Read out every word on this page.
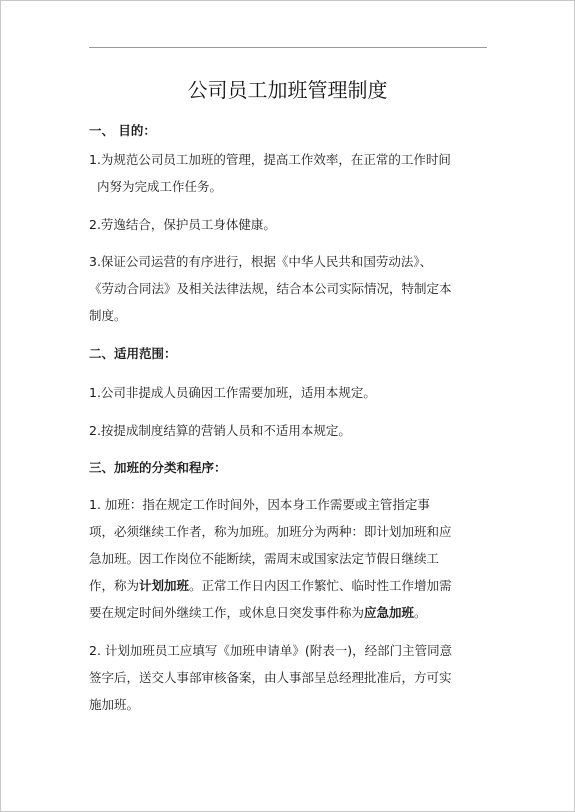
公司员工加班管理制度
一、 目的：
1.为规范公司员工加班的管理，提高工作效率，在正常的工作时间
内努为完成工作任务。
2.劳逸结合，保护员工身体健康。
3.保证公司运营的有序进行，根据《中华人民共和国劳动法》、
《劳动合同法》及相关法律法规，结合本公司实际情况，特制定本
制度。
二、适用范围：
1.公司非提成人员确因工作需要加班，适用本规定。
2.按提成制度结算的营销人员和不适用本规定。
三、加班的分类和程序：
1. 加班：指在规定工作时间外，因本身工作需要或主管指定事
项，必须继续工作者，称为加班。加班分为两种：即计划加班和应
急加班。因工作岗位不能断续，需周末或国家法定节假日继续工
作，称为计划加班。正常工作日内因工作繁忙、临时性工作增加需
要在规定时间外继续工作，或休息日突发事件称为应急加班。
2. 计划加班员工应填写《加班申请单》(附表一)，经部门主管同意
签字后，送交人事部审核备案，由人事部呈总经理批准后，方可实
施加班。
